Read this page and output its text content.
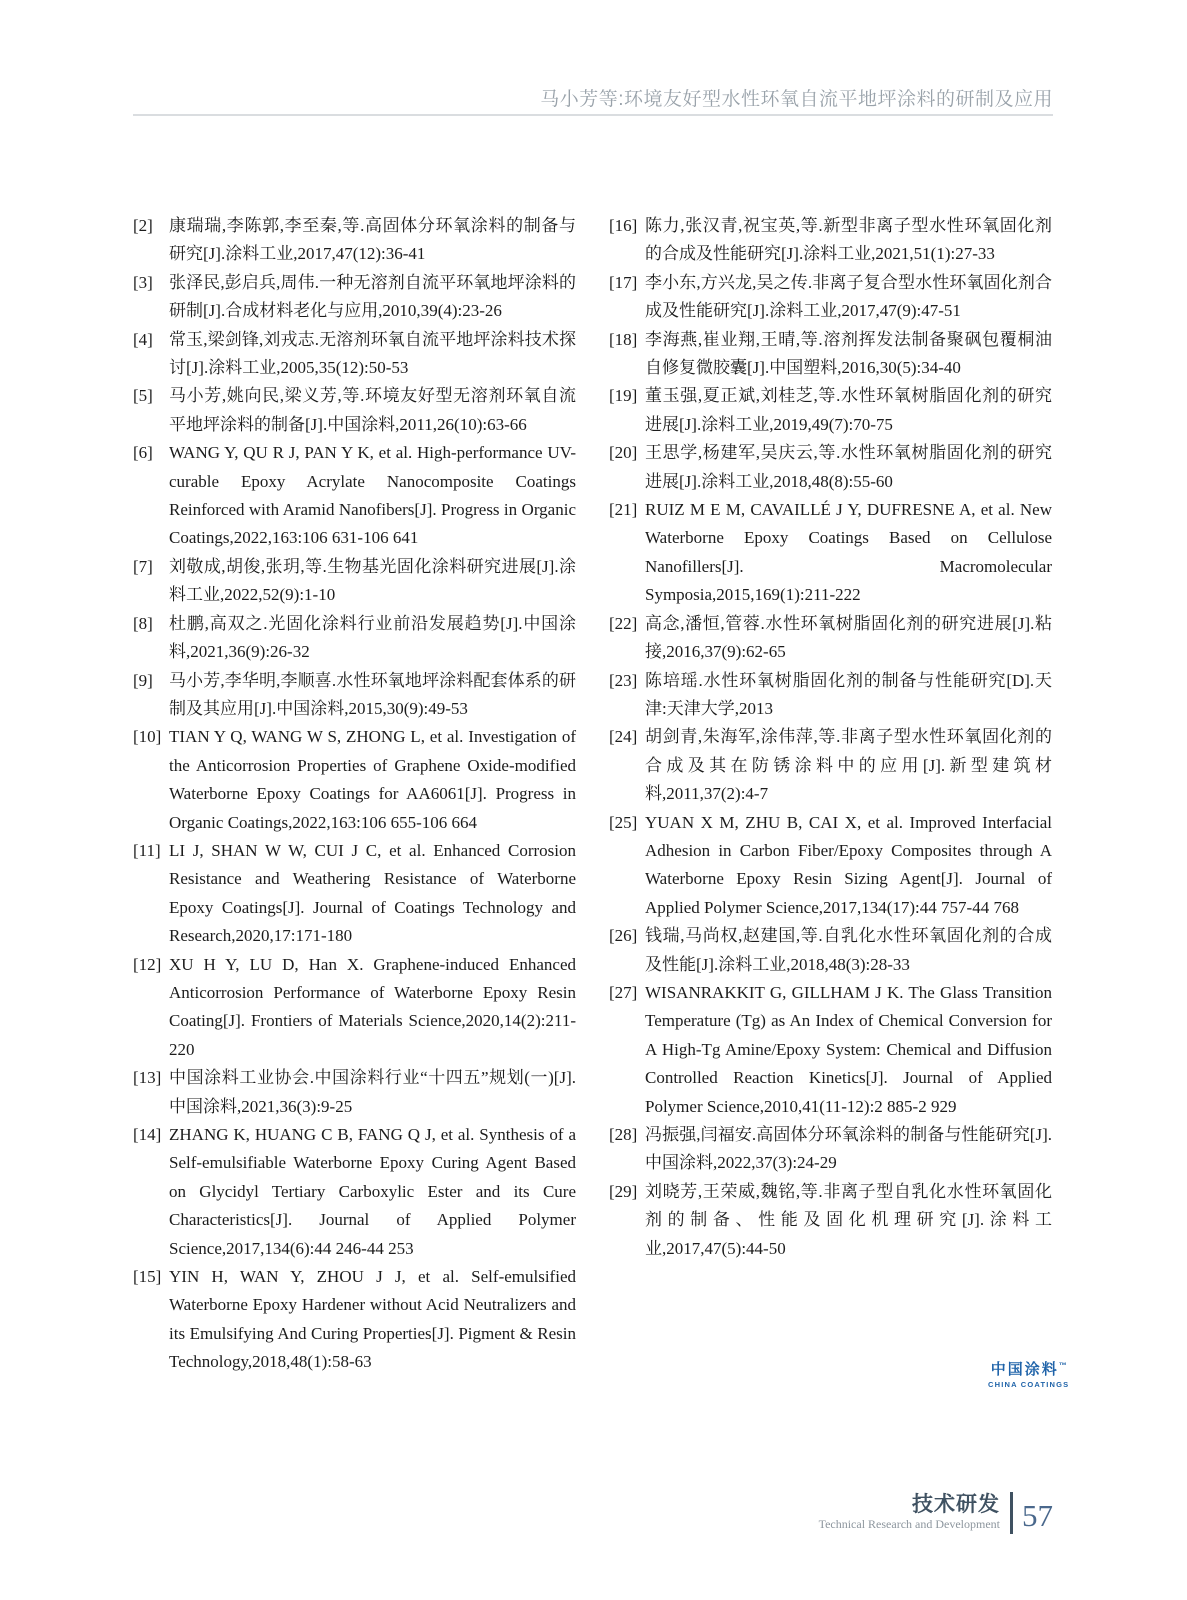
马小芳等:环境友好型水性环氧自流平地坪涂料的研制及应用
[2] 康瑞瑞,李陈郭,李至秦,等.高固体分环氧涂料的制备与研究[J].涂料工业,2017,47(12):36-41
[3] 张泽民,彭启兵,周伟.一种无溶剂自流平环氧地坪涂料的研制[J].合成材料老化与应用,2010,39(4):23-26
[4] 常玉,梁剑锋,刘戎志.无溶剂环氧自流平地坪涂料技术探讨[J].涂料工业,2005,35(12):50-53
[5] 马小芳,姚向民,梁义芳,等.环境友好型无溶剂环氧自流平地坪涂料的制备[J].中国涂料,2011,26(10):63-66
[6] WANG Y, QU R J, PAN Y K, et al. High-performance UV-curable Epoxy Acrylate Nanocomposite Coatings Reinforced with Aramid Nanofibers[J]. Progress in Organic Coatings,2022,163:106 631-106 641
[7] 刘敬成,胡俊,张玥,等.生物基光固化涂料研究进展[J].涂料工业,2022,52(9):1-10
[8] 杜鹏,高双之.光固化涂料行业前沿发展趋势[J].中国涂料,2021,36(9):26-32
[9] 马小芳,李华明,李顺喜.水性环氧地坪涂料配套体系的研制及其应用[J].中国涂料,2015,30(9):49-53
[10] TIAN Y Q, WANG W S, ZHONG L, et al. Investigation of the Anticorrosion Properties of Graphene Oxide-modified Waterborne Epoxy Coatings for AA6061[J]. Progress in Organic Coatings,2022,163:106 655-106 664
[11] LI J, SHAN W W, CUI J C, et al. Enhanced Corrosion Resistance and Weathering Resistance of Waterborne Epoxy Coatings[J]. Journal of Coatings Technology and Research,2020,17:171-180
[12] XU H Y, LU D, Han X. Graphene-induced Enhanced Anticorrosion Performance of Waterborne Epoxy Resin Coating[J]. Frontiers of Materials Science,2020,14(2):211-220
[13] 中国涂料工业协会.中国涂料行业“十四五”规划(一)[J].中国涂料,2021,36(3):9-25
[14] ZHANG K, HUANG C B, FANG Q J, et al. Synthesis of a Self-emulsifiable Waterborne Epoxy Curing Agent Based on Glycidyl Tertiary Carboxylic Ester and its Cure Characteristics[J]. Journal of Applied Polymer Science,2017,134(6):44 246-44 253
[15] YIN H, WAN Y, ZHOU J J, et al. Self-emulsified Waterborne Epoxy Hardener without Acid Neutralizers and its Emulsifying And Curing Properties[J]. Pigment & Resin Technology,2018,48(1):58-63
[16] 陈力,张汉青,祝宝英,等.新型非离子型水性环氧固化剂的合成及性能研究[J].涂料工业,2021,51(1):27-33
[17] 李小东,方兴龙,吴之传.非离子复合型水性环氧固化剂合成及性能研究[J].涂料工业,2017,47(9):47-51
[18] 李海燕,崔业翔,王晴,等.溶剂挥发法制备聚砜包覆桐油自修复微胶囊[J].中国塑料,2016,30(5):34-40
[19] 董玉强,夏正斌,刘桂芝,等.水性环氧树脂固化剂的研究进展[J].涂料工业,2019,49(7):70-75
[20] 王思学,杨建军,吴庆云,等.水性环氧树脂固化剂的研究进展[J].涂料工业,2018,48(8):55-60
[21] RUIZ M E M, CAVAILLÉ J Y, DUFRESNE A, et al. New Waterborne Epoxy Coatings Based on Cellulose Nanofillers[J]. Macromolecular Symposia,2015,169(1):211-222
[22] 高念,潘恒,管蓉.水性环氧树脂固化剂的研究进展[J].粘接,2016,37(9):62-65
[23] 陈培瑶.水性环氧树脂固化剂的制备与性能研究[D].天津:天津大学,2013
[24] 胡剑青,朱海军,涂伟萍,等.非离子型水性环氧固化剂的合成及其在防锈涂料中的应用[J].新型建筑材料,2011,37(2):4-7
[25] YUAN X M, ZHU B, CAI X, et al. Improved Interfacial Adhesion in Carbon Fiber/Epoxy Composites through A Waterborne Epoxy Resin Sizing Agent[J]. Journal of Applied Polymer Science,2017,134(17):44 757-44 768
[26] 钱瑞,马尚权,赵建国,等.自乳化水性环氧固化剂的合成及性能[J].涂料工业,2018,48(3):28-33
[27] WISANRAKKIT G, GILLHAM J K. The Glass Transition Temperature (Tg) as An Index of Chemical Conversion for A High-Tg Amine/Epoxy System: Chemical and Diffusion Controlled Reaction Kinetics[J]. Journal of Applied Polymer Science,2010,41(11-12):2 885-2 929
[28] 冯振强,闫福安.高固体分环氧涂料的制备与性能研究[J].中国涂料,2022,37(3):24-29
[29] 刘晓芳,王荣威,魏铭,等.非离子型自乳化水性环氧固化剂的制备、性能及固化机理研究[J].涂料工业,2017,47(5):44-50
中国涂料™
CHINA COATINGS
技术研发
Technical Research and Development 57
